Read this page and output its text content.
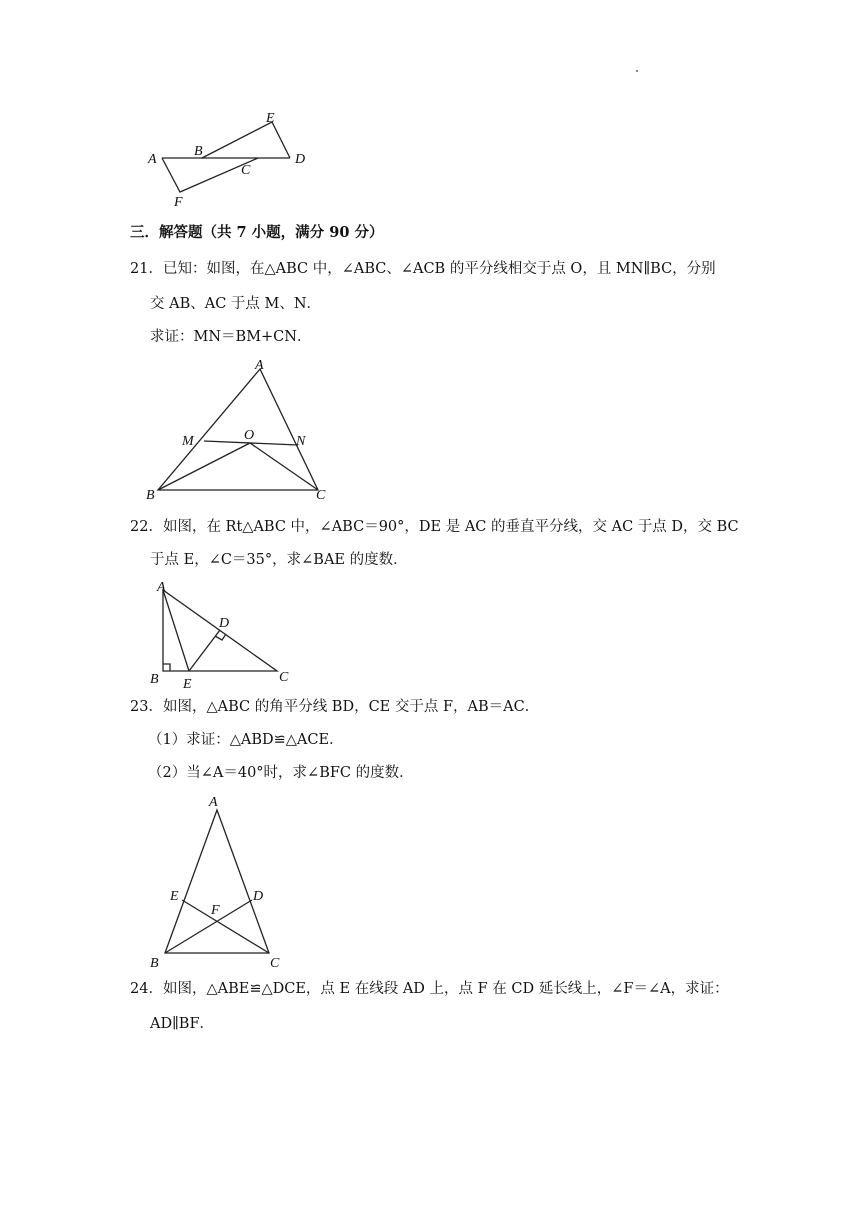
A
B
E
C
D
F
三．解答题（共 7 小题，满分 90 分）
21．已知：如图，在△ABC 中，∠ABC、∠ACB 的平分线相交于点 O，且 MN∥BC，分别
交 AB、AC 于点 M、N．
求证：MN＝BM+CN．
A
M	O	N
B	C
22．如图，在 Rt△ABC 中，∠ABC＝90°，DE 是 AC 的垂直平分线，交 AC 于点 D，交 BC
于点 E，∠C＝35°，求∠BAE 的度数．
A
D
B E	C
23．如图，△ABC 的角平分线 BD，CE 交于点 F，AB＝AC．
（1）求证：△ABD≌△ACE．
（2）当∠A＝40°时，求∠BFC 的度数．
A
E	D
F
B	C
24．如图，△ABE≌△DCE，点 E 在线段 AD 上，点 F 在 CD 延长线上，∠F＝∠A，求证：
AD∥BF．
